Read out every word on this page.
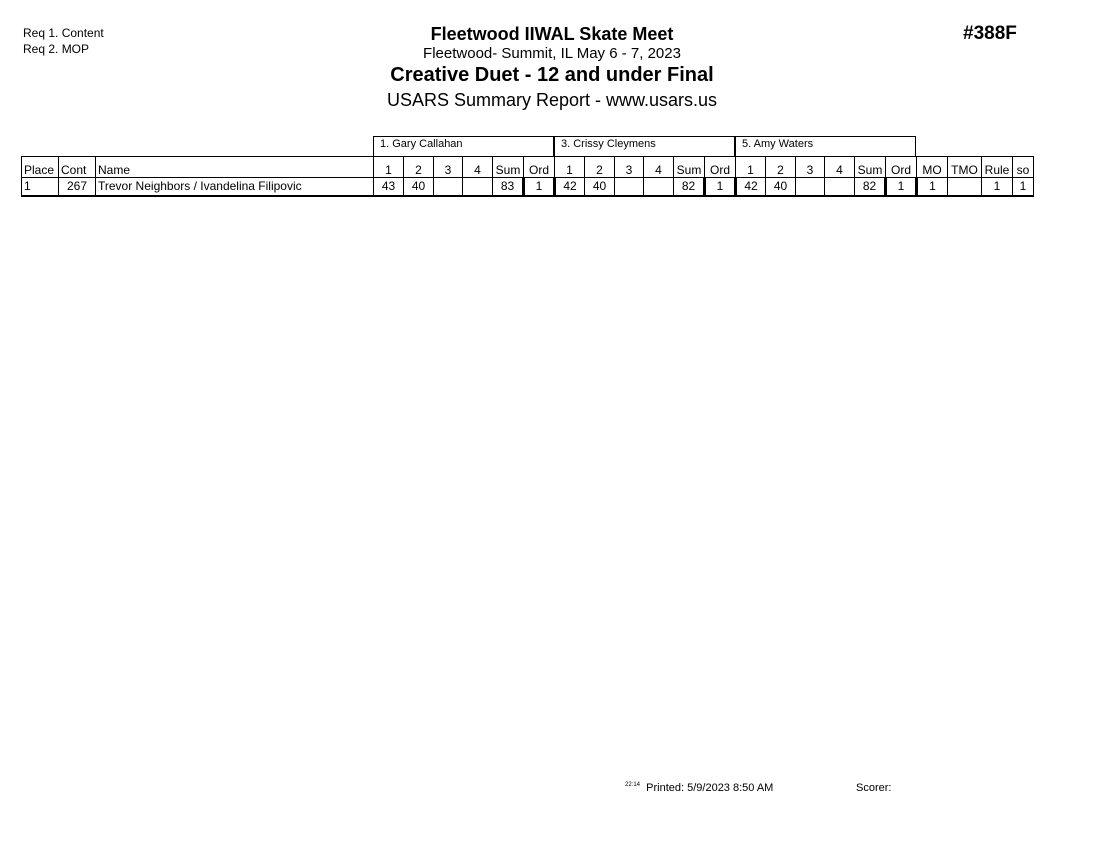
Req 1. Content
Req 2. MOP
#388F
Fleetwood IIWAL Skate Meet
Fleetwood- Summit, IL May 6 - 7, 2023
Creative Duet - 12 and under Final
USARS Summary Report - www.usars.us
1. Gary Callahan	3. Crissy Cleymens	5. Amy Waters
Place	Cont	Name	1	2	3	4	Sum	Ord	1	2	3	4	Sum	Ord	1	2	3	4	Sum	Ord	MO	TMO	Rule	so
1	267	Trevor Neighbors / Ivandelina Filipovic	43	40			83	1	42	40			82	1	42	40			82	1	1		1	1
$^{22:14}$ Printed: 5/9/2023 8:50 AM	Scorer:
